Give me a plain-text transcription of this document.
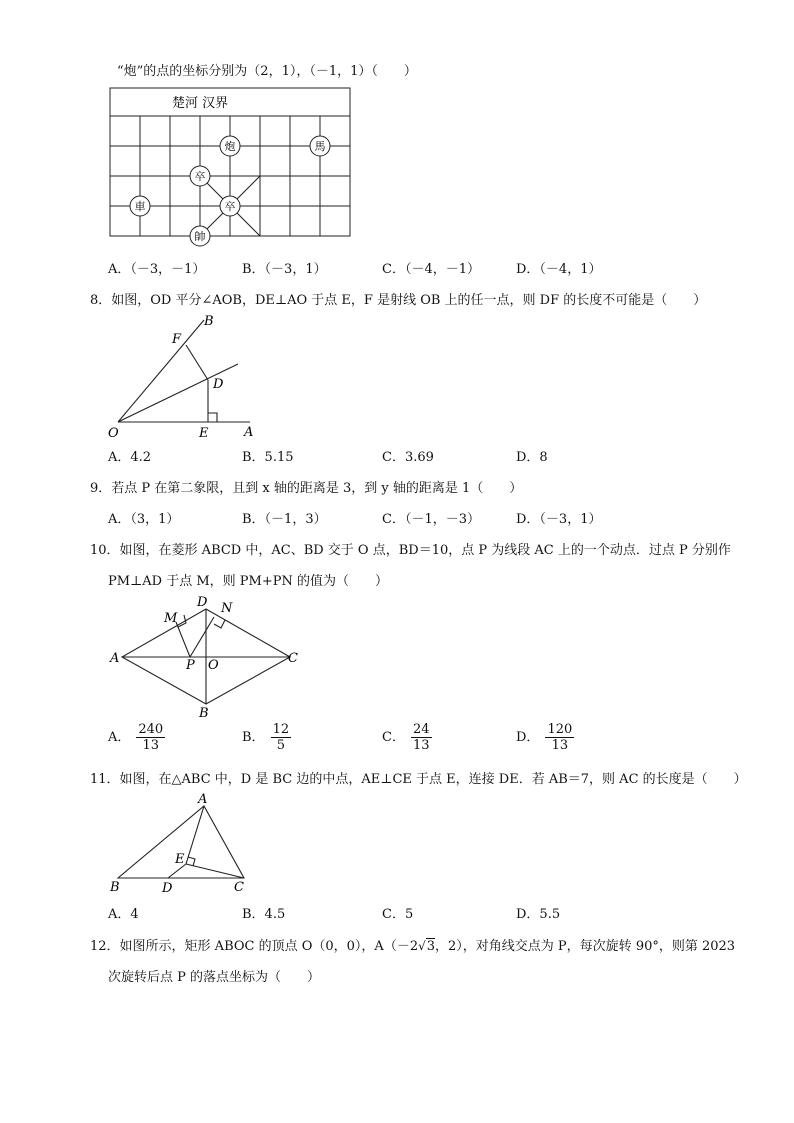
“炮”的点的坐标分别为（2，1），（－1，1）（　　）
楚河 汉界
炮	馬
卒
卒
車
帥
A．（－3，－1）	B．（－3，1）	C．（－4，－1）	D．（－4，1）
8．如图，OD 平分∠AOB，DE⊥AO 于点 E，F 是射线 OB 上的任一点，则 DF 的长度不可能是（　　）
B
F
D
O	E	A
A．4.2	B．5.15	C．3.69	D．8
9．若点 P 在第二象限，且到 x 轴的距离是 3，到 y 轴的距离是 1（　　）
A．（3，1）	B．（－1，3）	C．（－1，－3）	D．（－3，1）
10．如图，在菱形 ABCD 中，AC、BD 交于 O 点，BD＝10，点 P 为线段 AC 上的一个动点．过点 P 分别作
PM⊥AD 于点 M，则 PM+PN 的值为（　　）
A	C
D
B
M
N
P O
A． $\frac{240}{13}$	B． $\frac{12}{5}$	C． $\frac{24}{13}$	D． $\frac{120}{13}$
11．如图，在△ABC 中，D 是 BC 边的中点，AE⊥CE 于点 E，连接 DE．若 AB＝7，则 AC 的长度是（　　）
A
E
B	D	C
A．4	B．4.5	C．5	D．5.5
12．如图所示，矩形 ABOC 的顶点 O（0，0），A（－2√3，2），对角线交点为 P，每次旋转 90°，则第 2023
次旋转后点 P 的落点坐标为（　　）
